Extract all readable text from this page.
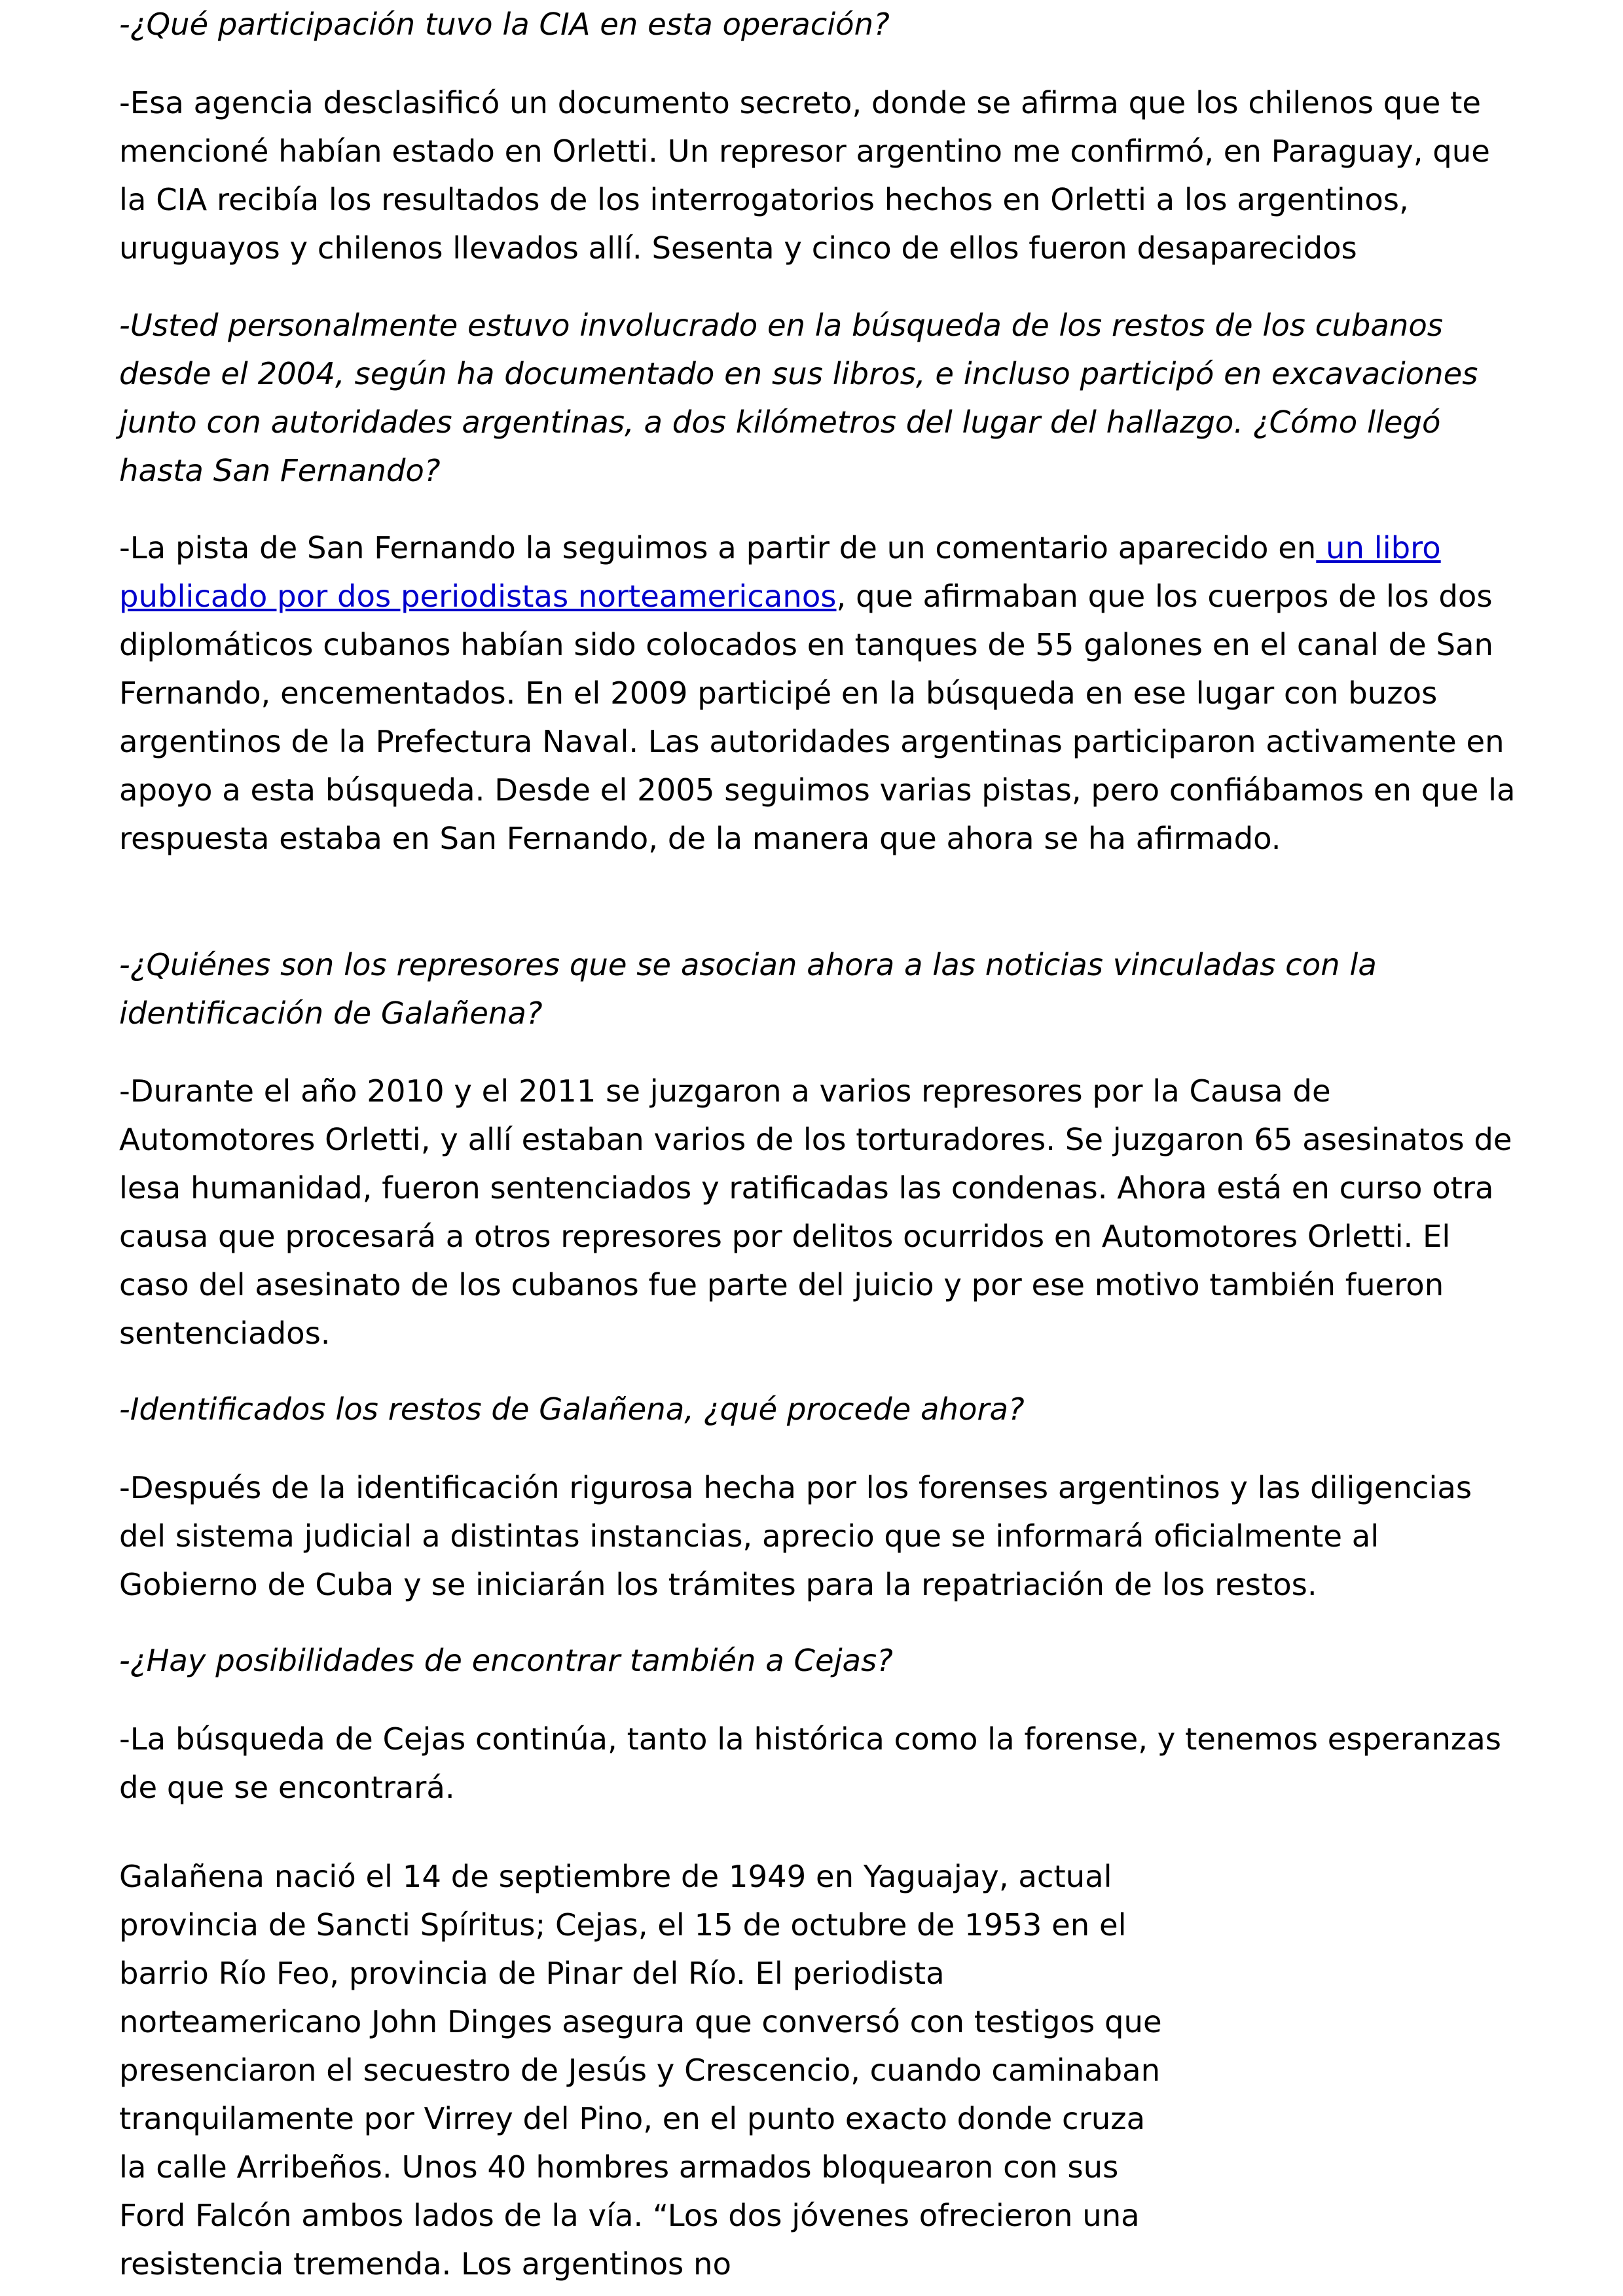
-¿Qué participación tuvo la CIA en esta operación?

-Esa agencia desclasificó un documento secreto, donde se afirma que los chilenos que te mencioné habían estado en Orletti. Un represor argentino me confirmó, en Paraguay, que la CIA recibía los resultados de los interrogatorios hechos en Orletti a los argentinos, uruguayos y chilenos llevados allí. Sesenta y cinco de ellos fueron desaparecidos

-Usted personalmente estuvo involucrado en la búsqueda de los restos de los cubanos desde el 2004, según ha documentado en sus libros, e incluso participó en excavaciones junto con autoridades argentinas, a dos kilómetros del lugar del hallazgo. ¿Cómo llegó hasta San Fernando?

-La pista de San Fernando la seguimos a partir de un comentario aparecido en un libro publicado por dos periodistas norteamericanos, que afirmaban que los cuerpos de los dos diplomáticos cubanos habían sido colocados en tanques de 55 galones en el canal de San Fernando, encementados. En el 2009 participé en la búsqueda en ese lugar con buzos argentinos de la Prefectura Naval. Las autoridades argentinas participaron activamente en apoyo a esta búsqueda. Desde el 2005 seguimos varias pistas, pero confiábamos en que la respuesta estaba en San Fernando, de la manera que ahora se ha afirmado.

-¿Quiénes son los represores que se asocian ahora a las noticias vinculadas con la identificación de Galañena?

-Durante el año 2010 y el 2011 se juzgaron a varios represores por la Causa de Automotores Orletti, y allí estaban varios de los torturadores. Se juzgaron 65 asesinatos de lesa humanidad, fueron sentenciados y ratificadas las condenas. Ahora está en curso otra causa que procesará a otros represores por delitos ocurridos en Automotores Orletti. El caso del asesinato de los cubanos fue parte del juicio y por ese motivo también fueron sentenciados.

-Identificados los restos de Galañena, ¿qué procede ahora?

-Después de la identificación rigurosa hecha por los forenses argentinos y las diligencias del sistema judicial a distintas instancias, aprecio que se informará oficialmente al Gobierno de Cuba y se iniciarán los trámites para la repatriación de los restos.

-¿Hay posibilidades de encontrar también a Cejas?

-La búsqueda de Cejas continúa, tanto la histórica como la forense, y tenemos esperanzas de que se encontrará.

Galañena nació el 14 de septiembre de 1949 en Yaguajay, actual provincia de Sancti Spíritus; Cejas, el 15 de octubre de 1953 en el barrio Río Feo, provincia de Pinar del Río. El periodista norteamericano John Dinges asegura que conversó con testigos que presenciaron el secuestro de Jesús y Crescencio, cuando caminaban tranquilamente por Virrey del Pino, en el punto exacto donde cruza la calle Arribeños. Unos 40 hombres armados bloquearon con sus Ford Falcón ambos lados de la vía. “Los dos jóvenes ofrecieron una resistencia tremenda. Los argentinos no
